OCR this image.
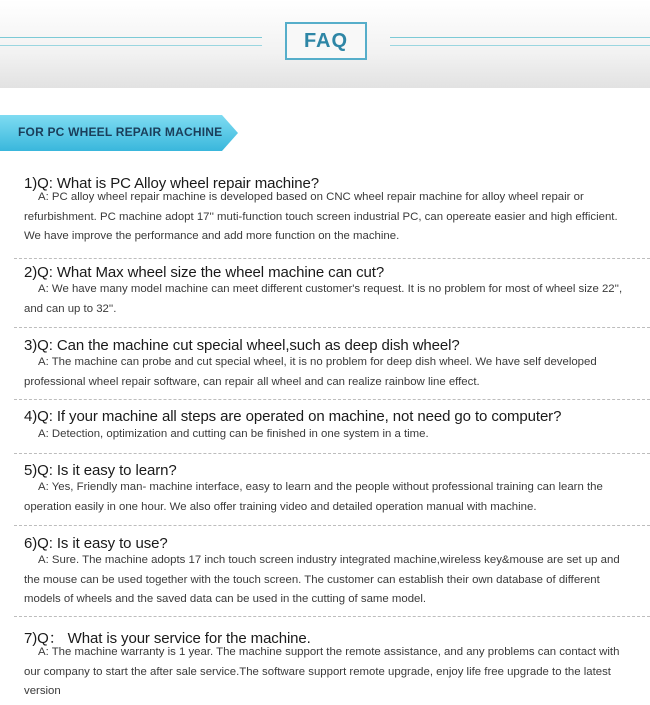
FAQ
FOR PC WHEEL REPAIR MACHINE
1)Q: What is PC Alloy wheel repair machine?
A: PC alloy wheel repair machine is developed based on CNC wheel repair machine for alloy wheel repair or refurbishment. PC machine adopt 17'' muti-function touch screen industrial PC, can opereate easier and high efficient. We have improve the performance and add more function on the machine.
2)Q: What Max wheel size the wheel machine can cut?
A: We have many model machine can meet different customer's request. It is no problem for most of wheel size 22'', and can up to 32''.
3)Q: Can the machine cut special wheel,such as deep dish wheel?
A: The machine can probe and cut special wheel, it is no problem for deep dish wheel. We have self developed professional wheel repair software, can repair all wheel and can realize rainbow line effect.
4)Q: If your machine all steps are operated on machine, not need go to computer?
A: Detection, optimization and cutting can be finished in one system in a time.
5)Q: Is it easy to learn?
A: Yes, Friendly man- machine interface, easy to learn and the people without professional training can learn the operation easily in one hour. We also offer training video and detailed operation manual with machine.
6)Q: Is it easy to use?
A: Sure. The machine adopts 17 inch touch screen industry integrated machine,wireless key&mouse are set up and the mouse can be used together with the touch screen. The customer can establish their own database of different models of wheels and the saved data can be used in the cutting of same model.
7)Q： What is your service for the machine.
A: The machine warranty is 1 year. The machine support the remote assistance, and any problems can contact with our company to start the after sale service.The software support remote upgrade, enjoy life free upgrade to the latest version
